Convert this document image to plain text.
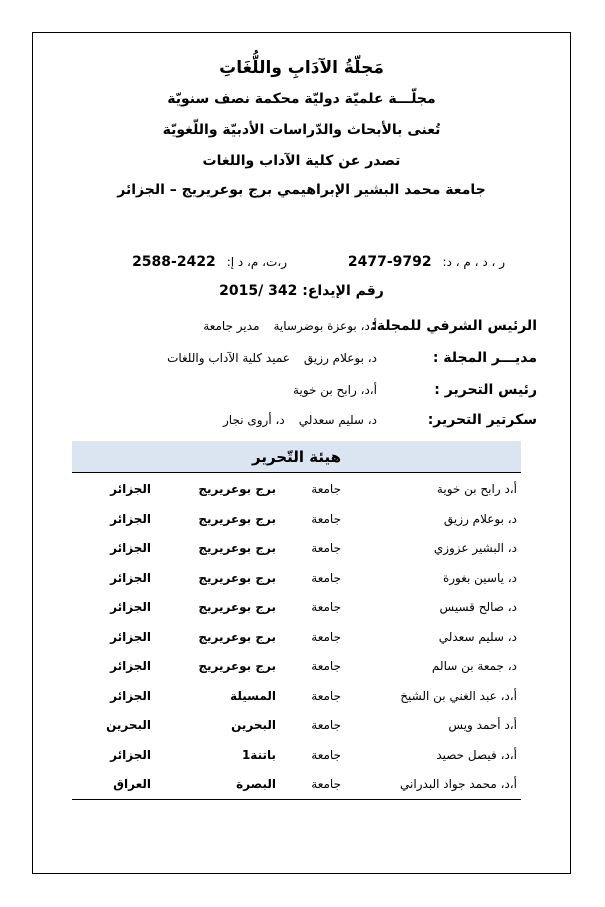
مَجلّةُ الآدَابِ واللُّغَاتِ
مجلّـــة علميّة دوليّة محكمة نصف سنويّة
تُعنى بالأبحاث والدّراسات الأدبيّة واللّغويّة
تصدر عن كلية الآداب واللغات
جامعة محمد البشير الإبراهيمي برج بوعريريج – الجزائر
ر ، د ، م ، د: 2477-9792
ر،ت، م، د إ: 2588-2422
رقم الإيداع: 2015/ 342
الرئيس الشرفي للمجلة:
أ،د، بوعزة بوضرساية
مدير جامعة
مديـــر المجلة :
د، بوعلام رزيق
عميد كلية الآداب واللغات
رئيس التحرير :
أ،د، رابح بن خوية
سكرتير التحرير:
د، سليم سعدلي
د، أروى نجار
هيئة التّحرير
أ،د رابح بن خوية
جامعة
برج بوعريريج
الجزائر
د، بوعلام رزيق
جامعة
برج بوعريريج
الجزائر
د، البشير عزوزي
جامعة
برج بوعريريج
الجزائر
د، ياسين بغورة
جامعة
برج بوعريريج
الجزائر
د، صالح قسيس
جامعة
برج بوعريريج
الجزائر
د، سليم سعدلي
جامعة
برج بوعريريج
الجزائر
د، جمعة بن سالم
جامعة
برج بوعريريج
الجزائر
أ،د، عبد الغني بن الشيخ
جامعة
المسيلة
الجزائر
أ،د أحمد ويس
جامعة
البحرين
البحرين
أ،د، فيصل حصيد
جامعة
باتنة1
الجزائر
أ،د، محمد جواد البدراني
جامعة
البصرة
العراق
